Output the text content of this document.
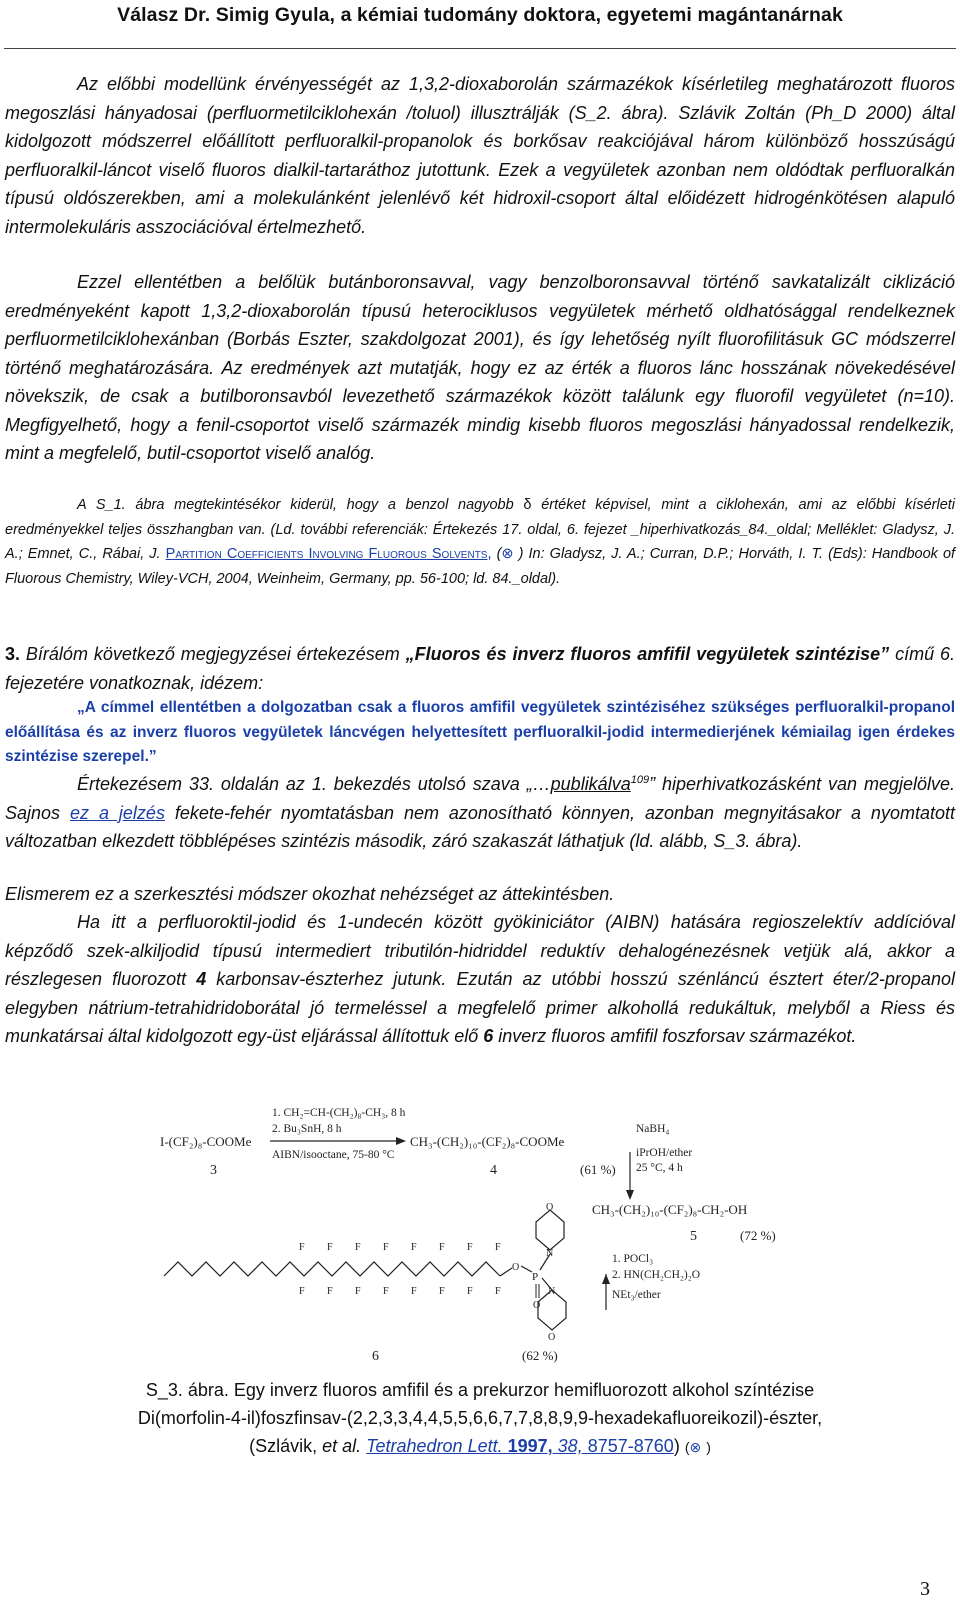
Válasz Dr. Simig Gyula, a kémiai tudomány doktora, egyetemi magántanárnak

Az előbbi modellünk érvényességét az 1,3,2-dioxaborolán származékok kísérletileg meghatározott fluoros megoszlási hányadosai (perfluormetilciklohexán /toluol) illusztrálják (S_2. ábra). Szlávik Zoltán (Ph_D 2000) által kidolgozott módszerrel előállított perfluoralkil-propanolok és borkősav reakciójával három különböző hosszúságú perfluoralkil-láncot viselő fluoros dialkil-tartaráthoz jutottunk. Ezek a vegyületek azonban nem oldódtak perfluoralkán típusú oldószerekben, ami a molekulánként jelenlévő két hidroxil-csoport által előidézett hidrogénkötésen alapuló intermolekuláris asszociációval értelmezhető.

Ezzel ellentétben a belőlük butánboronsavval, vagy benzolboronsavval történő savkatalizált ciklizáció eredményeként kapott 1,3,2-dioxaborolán típusú heterociklusos vegyületek mérhető oldhatósággal rendelkeznek perfluormetilciklohexánban (Borbás Eszter, szakdolgozat 2001), és így lehetőség nyílt fluorofilitásuk GC módszerrel történő meghatározására. Az eredmények azt mutatják, hogy ez az érték a fluoros lánc hosszának növekedésével növekszik, de csak a butilboronsavból levezethető származékok között találunk egy fluorofil vegyületet (n=10). Megfigyelhető, hogy a fenil-csoportot viselő származék mindig kisebb fluoros megoszlási hányadossal rendelkezik, mint a megfelelő, butil-csoportot viselő analóg.

A S_1. ábra megtekintésékor kiderül, hogy a benzol nagyobb δ értéket képvisel, mint a ciklohexán, ami az előbbi kísérleti eredményekkel teljes összhangban van. (Ld. további referenciák: Értekezés 17. oldal, 6. fejezet _hiperhivatkozás_84._oldal; Melléklet: Gladysz, J. A.; Emnet, C., Rábai, J. Partition Coefficients Involving Fluorous Solvents, (⊗ ) In: Gladysz, J. A.; Curran, D.P.; Horváth, I. T. (Eds): Handbook of Fluorous Chemistry, Wiley-VCH, 2004, Weinheim, Germany, pp. 56-100; ld. 84._oldal).

3. Bírálóm következő megjegyzései értekezésem „Fluoros és inverz fluoros amfifil vegyületek szintézise” című 6. fejezetére vonatkoznak, idézem:

„A címmel ellentétben a dolgozatban csak a fluoros amfifil vegyületek szintéziséhez szükséges perfluoralkil-propanol előállítása és az inverz fluoros vegyületek láncvégen helyettesített perfluoralkil-jodid intermedierjének kémiailag igen érdekes szintézise szerepel.”

Értekezésem 33. oldalán az 1. bekezdés utolsó szava „…publikálva$^{109}$” hiperhivatkozásként van megjelölve. Sajnos ez a jelzés fekete-fehér nyomtatásban nem azonosítható könnyen, azonban megnyitásakor a nyomtatott változatban elkezdett többlépéses szintézis második, záró szakaszát láthatjuk (ld. alább, S_3. ábra).

Elismerem ez a szerkesztési módszer okozhat nehézséget az áttekintésben.

Ha itt a perfluoroktil-jodid és 1-undecén között gyökiniciátor (AIBN) hatására regioszelektív addícióval képződő szek-alkiljodid típusú intermediert tributilón-hidriddel reduktív dehalogénezésnek vetjük alá, akkor a részlegesen fluorozott 4 karbonsav-észterhez jutunk. Ezután az utóbbi hosszú szénláncú észtert éter/2-propanol elegyben nátrium-tetrahidridoborátal jó termeléssel a megfelelő primer alkohollá redukáltuk, melyből a Riess és munkatársai által kidolgozott egy-üst eljárással állítottuk elő 6 inverz fluoros amfifil foszforsav származékot.

I-(CF₂)₈-COOMe
3
1. CH₂=CH-(CH₂)₈-CH₃, 8 h
2. Bu₃SnH, 8 h
AIBN/isooctane, 75-80 °C
CH₃-(CH₂)₁₀-(CF₂)₈-COOMe
4	(61 %)
NaBH₄
iPrOH/ether
25 °C, 4 h
CH₃-(CH₂)₁₀-(CF₂)₈-CH₂-OH
5	(72 %)
1. POCl₃
2. HN(CH₂CH₂)₂O
NEt₃/ether
F F F F F F F F
F F F F F F F F
O
P
O
N
O
N
O
6	(62 %)
S_3. ábra. Egy inverz fluoros amfifil és a prekurzor hemifluorozott alkohol színtézise
Di(morfolin-4-il)foszfinsav-(2,2,3,3,4,4,5,5,6,6,7,7,8,8,9,9-hexadekafluoreikozil)-észter,
(Szlávik, et al. Tetrahedron Lett. 1997, 38, 8757-8760) (⊗ )
3
